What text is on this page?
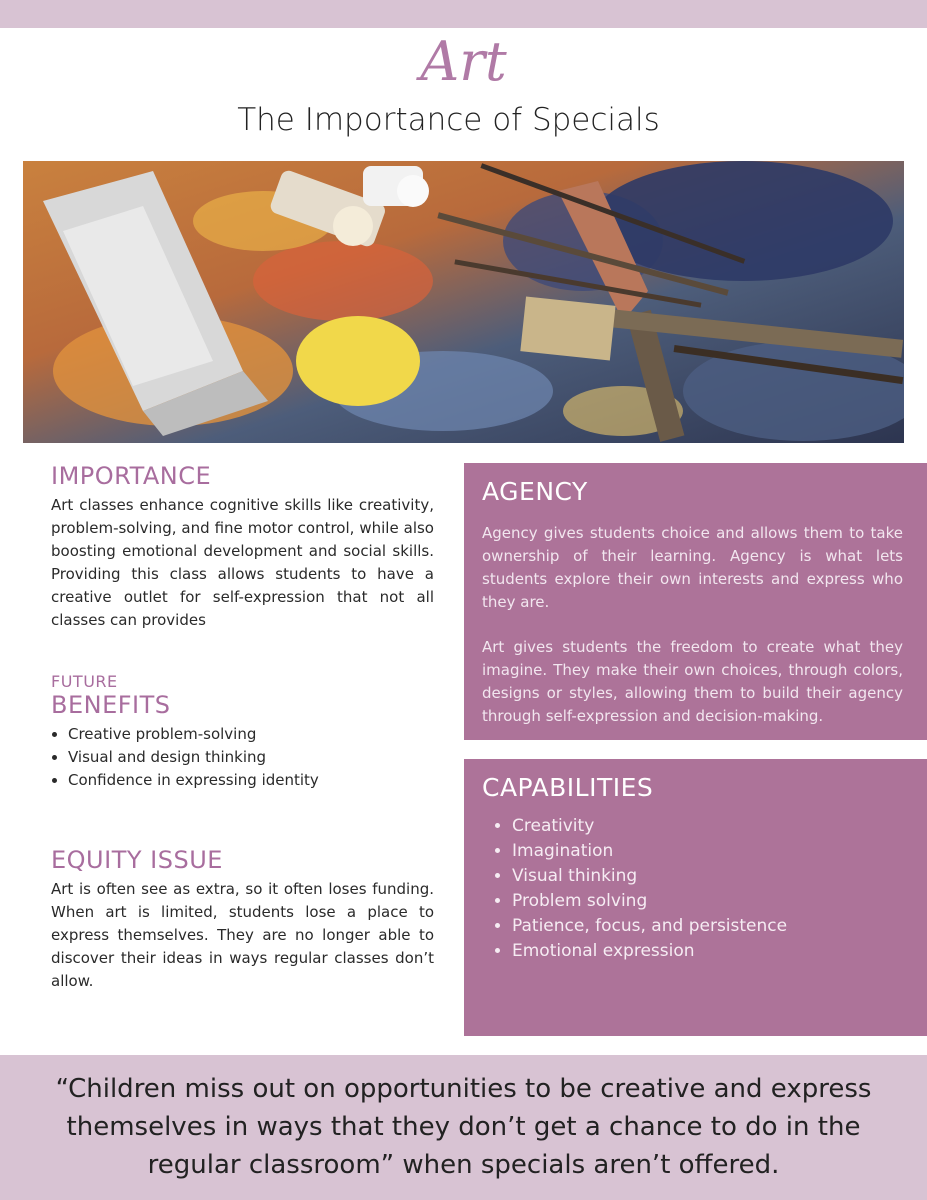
Art
The Importance of Specials
IMPORTANCE

Art classes enhance cognitive skills like creativity, problem-solving, and fine motor control, while also boosting emotional development and social skills. Providing this class allows students to have a creative outlet for self-expression that not all classes can provides

FUTURE
BENEFITS
• Creative problem-solving
• Visual and design thinking
• Confidence in expressing identity
EQUITY ISSUE

Art is often see as extra, so it often loses funding. When art is limited, students lose a place to express themselves. They are no longer able to discover their ideas in ways regular classes don’t allow.

AGENCY

Agency gives students choice and allows them to take ownership of their learning. Agency is what lets students explore their own interests and express who they are.

Art gives students the freedom to create what they imagine. They make their own choices, through colors, designs or styles, allowing them to build their agency through self-expression and decision-making.

CAPABILITIES
• Creativity
• Imagination
• Visual thinking
• Problem solving
• Patience, focus, and persistence
• Emotional expression
“Children miss out on opportunities to be creative and express themselves in ways that they don’t get a chance to do in the regular classroom” when specials aren’t offered.
